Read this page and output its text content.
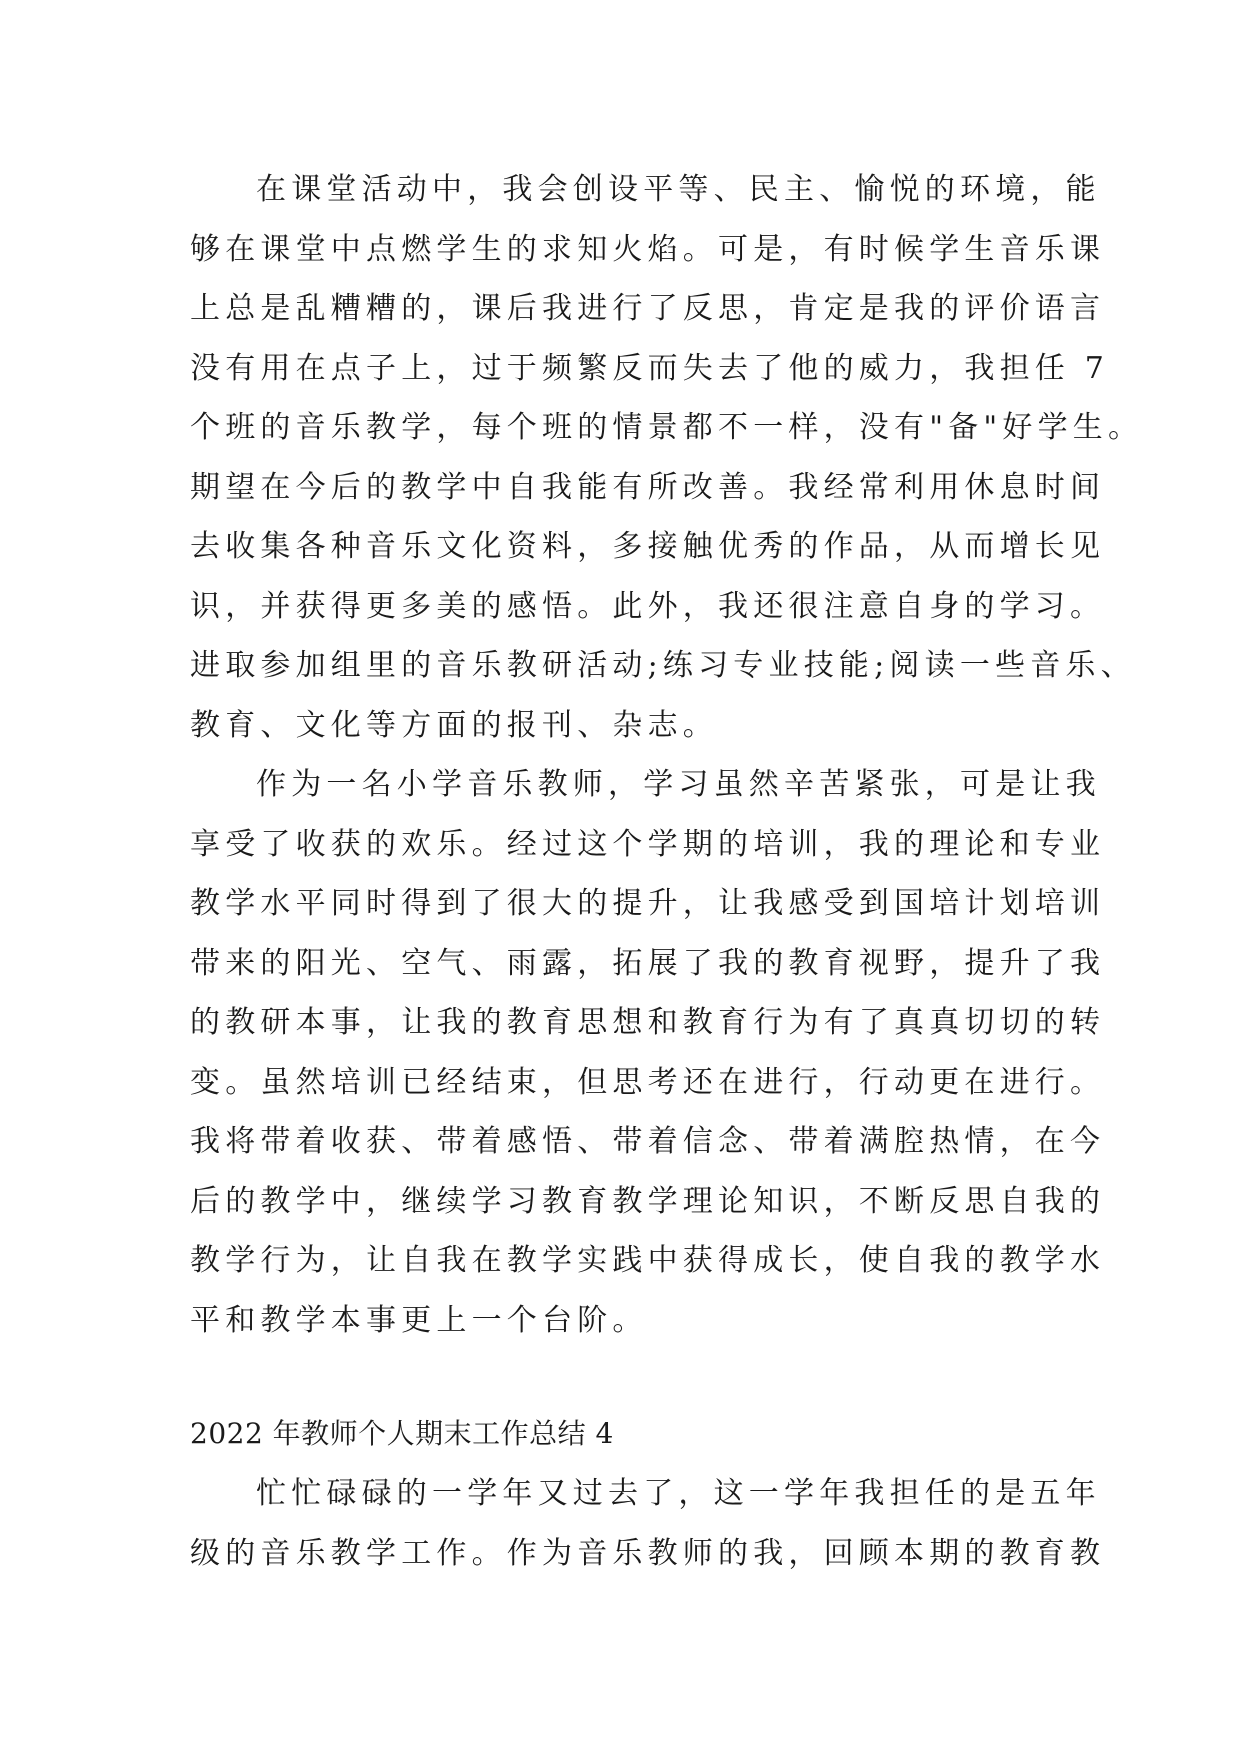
在课堂活动中，我会创设平等、民主、愉悦的环境，能
够在课堂中点燃学生的求知火焰。可是，有时候学生音乐课
上总是乱糟糟的，课后我进行了反思，肯定是我的评价语言
没有用在点子上，过于频繁反而失去了他的威力，我担任 7
个班的音乐教学，每个班的情景都不一样，没有"备"好学生。
期望在今后的教学中自我能有所改善。我经常利用休息时间
去收集各种音乐文化资料，多接触优秀的作品，从而增长见
识，并获得更多美的感悟。此外，我还很注意自身的学习。
进取参加组里的音乐教研活动;练习专业技能;阅读一些音乐、
教育、文化等方面的报刊、杂志。
作为一名小学音乐教师，学习虽然辛苦紧张，可是让我
享受了收获的欢乐。经过这个学期的培训，我的理论和专业
教学水平同时得到了很大的提升，让我感受到国培计划培训
带来的阳光、空气、雨露，拓展了我的教育视野，提升了我
的教研本事，让我的教育思想和教育行为有了真真切切的转
变。虽然培训已经结束，但思考还在进行，行动更在进行。
我将带着收获、带着感悟、带着信念、带着满腔热情，在今
后的教学中，继续学习教育教学理论知识，不断反思自我的
教学行为，让自我在教学实践中获得成长，使自我的教学水
平和教学本事更上一个台阶。
2022 年教师个人期末工作总结 4
忙忙碌碌的一学年又过去了，这一学年我担任的是五年
级的音乐教学工作。作为音乐教师的我，回顾本期的教育教
